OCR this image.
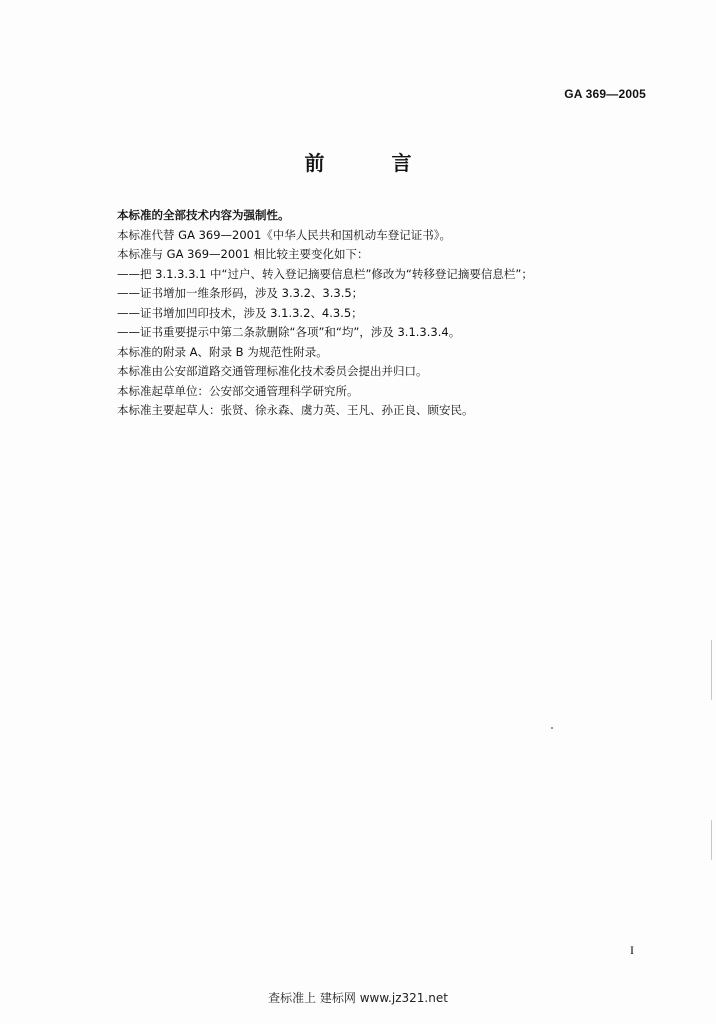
GA 369—2005
前 言
本标准的全部技术内容为强制性。
本标准代替 GA 369—2001《中华人民共和国机动车登记证书》。
本标准与 GA 369—2001 相比较主要变化如下：
——把 3.1.3.3.1 中“过户、转入登记摘要信息栏”修改为“转移登记摘要信息栏”；
——证书增加一维条形码，涉及 3.3.2、3.3.5；
——证书增加凹印技术，涉及 3.1.3.2、4.3.5；
——证书重要提示中第二条款删除“各项”和“均”，涉及 3.1.3.3.4。
本标准的附录 A、附录 B 为规范性附录。
本标准由公安部道路交通管理标准化技术委员会提出并归口。
本标准起草单位：公安部交通管理科学研究所。
本标准主要起草人：张贤、徐永森、虞力英、王凡、孙正良、顾安民。
I
查标准上 建标网 www.jz321.net
